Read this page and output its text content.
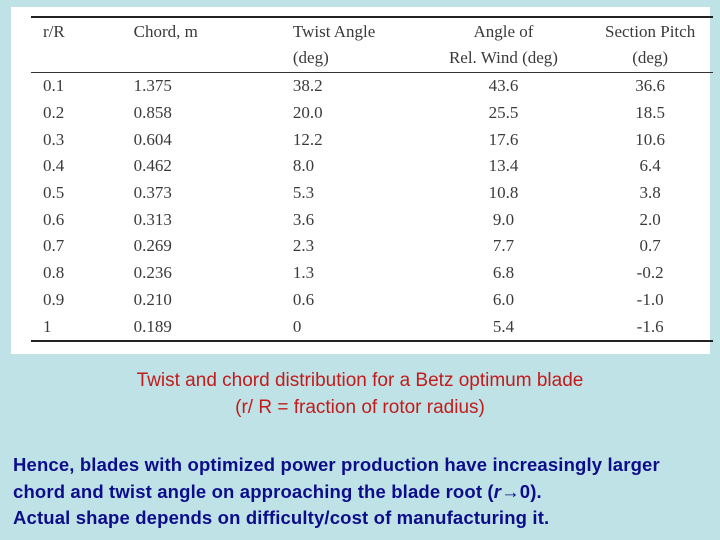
r/R	Chord, m	Twist Angle	Angle of	Section Pitch
		(deg)	Rel. Wind (deg)	(deg)
0.1	1.375	38.2	43.6	36.6
0.2	0.858	20.0	25.5	18.5
0.3	0.604	12.2	17.6	10.6
0.4	0.462	8.0	13.4	6.4
0.5	0.373	5.3	10.8	3.8
0.6	0.313	3.6	9.0	2.0
0.7	0.269	2.3	7.7	0.7
0.8	0.236	1.3	6.8	-0.2
0.9	0.210	0.6	6.0	-1.0
1	0.189	0	5.4	-1.6
Twist and chord distribution for a Betz optimum blade
(r/ R = fraction of rotor radius)
Hence, blades with optimized power production have increasingly larger chord and twist angle on approaching the blade root (r→0).
Actual shape depends on difficulty/cost of manufacturing it.
